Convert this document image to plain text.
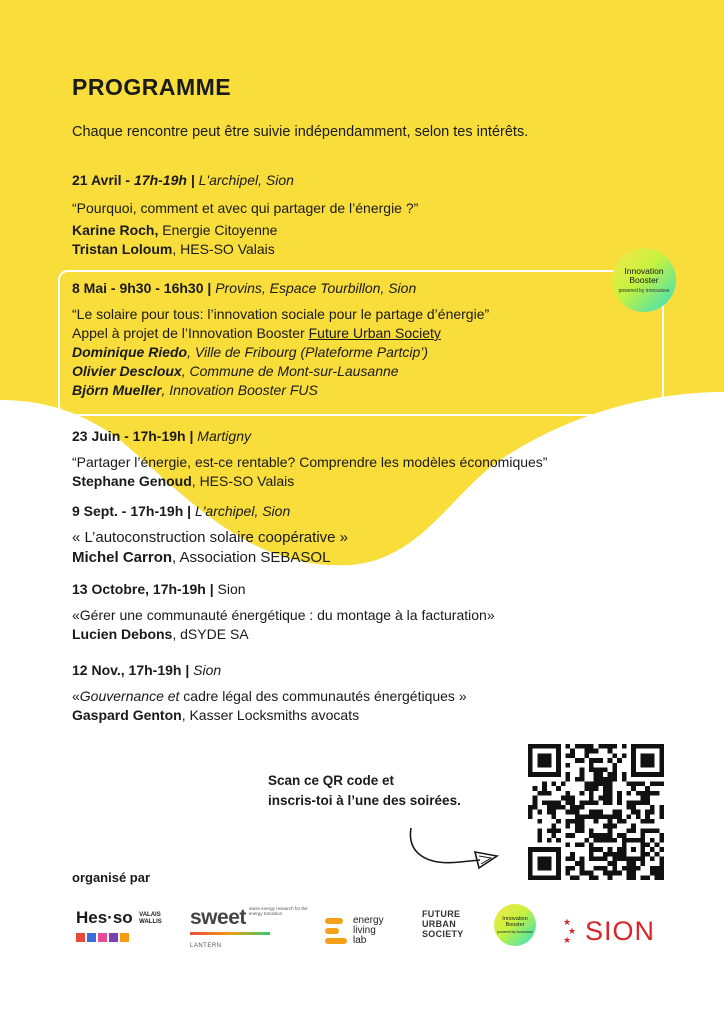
PROGRAMME
Chaque rencontre peut être suivie indépendamment, selon tes intérêts.
21 Avril - 17h-19h | L'archipel, Sion
“Pourquoi, comment et avec qui partager de l’énergie ?”
Karine Roch, Energie Citoyenne
Tristan Loloum, HES-SO Valais
8 Mai - 9h30 - 16h30 | Provins, Espace Tourbillon, Sion
“Le solaire pour tous: l’innovation sociale pour le partage d’énergie”
Appel à projet de l’Innovation Booster Future Urban Society
Dominique Riedo, Ville de Fribourg (Plateforme Partcip’)
Olivier Descloux, Commune de Mont-sur-Lausanne
Björn Mueller, Innovation Booster FUS
Innovation
Booster
powered by innosuisse
23 Juin - 17h-19h | Martigny
“Partager l’énergie, est-ce rentable? Comprendre les modèles économiques”
Stephane Genoud, HES-SO Valais
9 Sept. - 17h-19h | L'archipel, Sion
« L’autoconstruction solaire coopérative »
Michel Carron, Association SEBASOL
13 Octobre, 17h-19h | Sion
«Gérer une communauté énergétique : du montage à la facturation»
Lucien Debons, dSYDE SA
12 Nov., 17h-19h | Sion
«Gouvernance et cadre légal des communautés énergétiques »
Gaspard Genton, Kasser Locksmiths avocats
Scan ce QR code et
inscris-toi à l’une des soirées.
organisé par
Hes·so VALAIS
WALLIS sweet swiss energy research for the energy transition
LANTERN
energy
living
lab
FUTURE
URBAN
SOCIETY
Innovation
Booster
powered by innosuisse
★
★
★ SION
